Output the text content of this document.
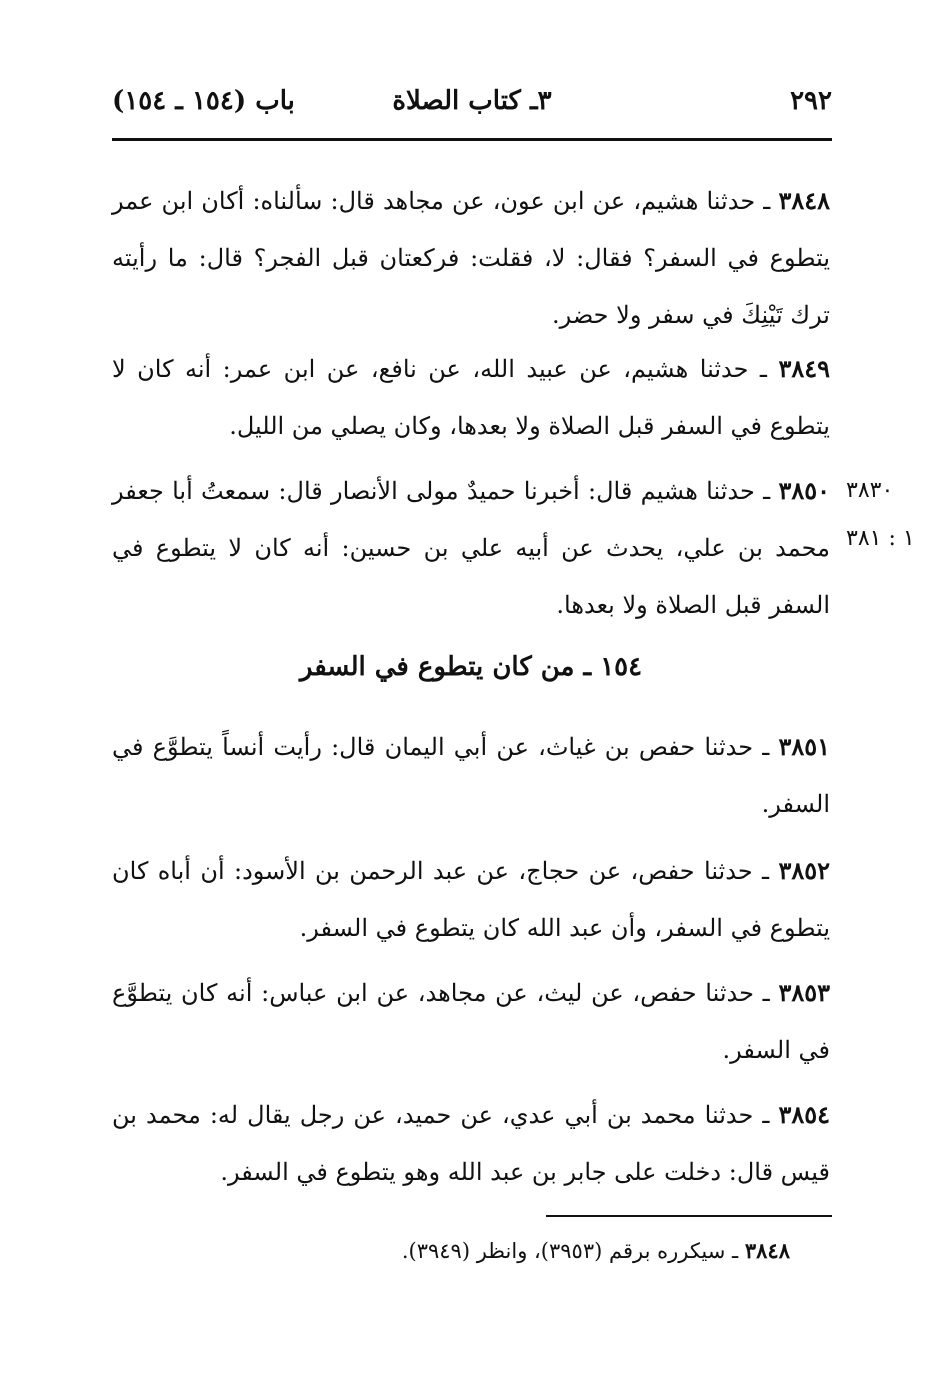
٢٩٢
٣ـ كتاب الصلاة
باب (١٥٤ ـ ١٥٤)
٣٨٤٨ ـ حدثنا هشيم، عن ابن عون، عن مجاهد قال: سألناه: أكان ابن عمر يتطوع في السفر؟ فقال: لا، فقلت: فركعتان قبل الفجر؟ قال: ما رأيته ترك تَيْنِكَ في سفر ولا حضر.
٣٨٤٩ ـ حدثنا هشيم، عن عبيد الله، عن نافع، عن ابن عمر: أنه كان لا يتطوع في السفر قبل الصلاة ولا بعدها، وكان يصلي من الليل.
٣٨٣٠
١ : ٣٨١
٣٨٥٠ ـ حدثنا هشيم قال: أخبرنا حميدٌ مولى الأنصار قال: سمعتُ أبا جعفر محمد بن علي، يحدث عن أبيه علي بن حسين: أنه كان لا يتطوع في السفر قبل الصلاة ولا بعدها.
١٥٤ ـ من كان يتطوع في السفر
٣٨٥١ ـ حدثنا حفص بن غياث، عن أبي اليمان قال: رأيت أنساً يتطوَّع في السفر.
٣٨٥٢ ـ حدثنا حفص، عن حجاج، عن عبد الرحمن بن الأسود: أن أباه كان يتطوع في السفر، وأن عبد الله كان يتطوع في السفر.
٣٨٥٣ ـ حدثنا حفص، عن ليث، عن مجاهد، عن ابن عباس: أنه كان يتطوَّع في السفر.
٣٨٥٤ ـ حدثنا محمد بن أبي عدي، عن حميد، عن رجل يقال له: محمد بن قيس قال: دخلت على جابر بن عبد الله وهو يتطوع في السفر.
٣٨٤٨ ـ سيكرره برقم (٣٩٥٣)، وانظر (٣٩٤٩).
